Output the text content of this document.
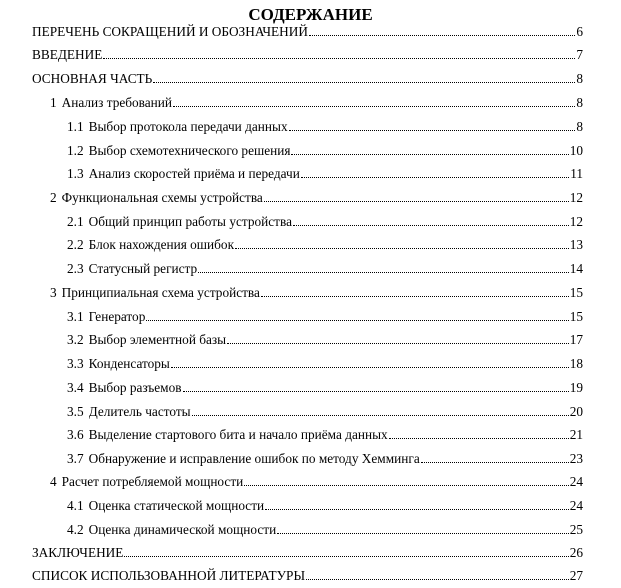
СОДЕРЖАНИЕ
ПЕРЕЧЕНЬ СОКРАЩЕНИЙ И ОБОЗНАЧЕНИЙ	6
ВВЕДЕНИЕ	7
ОСНОВНАЯ ЧАСТЬ	8
1 Анализ требований	8
1.1 Выбор протокола передачи данных	8
1.2 Выбор схемотехнического решения	10
1.3 Анализ скоростей приёма и передачи	11
2 Функциональная схемы устройства	12
2.1 Общий принцип работы устройства	12
2.2 Блок нахождения ошибок	13
2.3 Статусный регистр	14
3 Принципиальная схема устройства	15
3.1 Генератор	15
3.2 Выбор элементной базы	17
3.3 Конденсаторы	18
3.4 Выбор разъемов	19
3.5 Делитель частоты	20
3.6 Выделение стартового бита и начало приёма данных	21
3.7 Обнаружение и исправление ошибок по методу Хемминга	23
4 Расчет потребляемой мощности	24
4.1 Оценка статической мощности	24
4.2 Оценка динамической мощности	25
ЗАКЛЮЧЕНИЕ	26
СПИСОК ИСПОЛЬЗОВАННОЙ ЛИТЕРАТУРЫ	27
